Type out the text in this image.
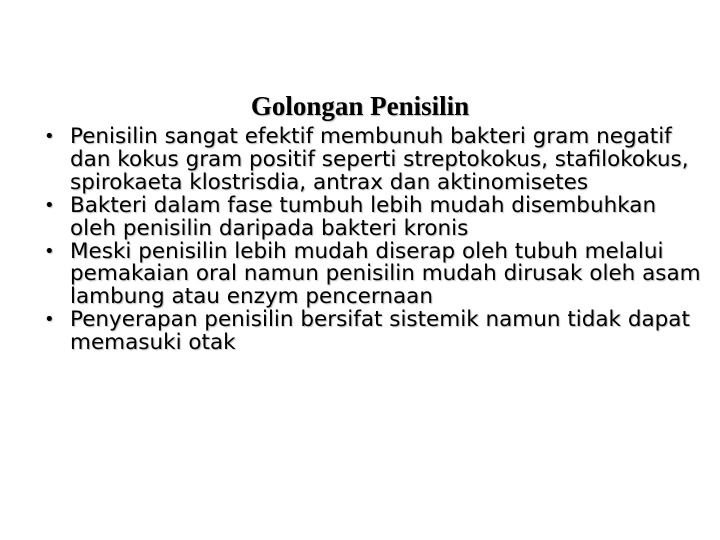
Golongan Penisilin
• Penisilin sangat efektif membunuh bakteri gram negatif dan kokus gram positif seperti streptokokus, stafilokokus, spirokaeta klostrisdia, antrax dan aktinomisetes
• Bakteri dalam fase tumbuh lebih mudah disembuhkan oleh penisilin daripada bakteri kronis
• Meski penisilin lebih mudah diserap oleh tubuh melalui pemakaian oral namun penisilin mudah dirusak oleh asam lambung atau enzym pencernaan
• Penyerapan penisilin bersifat sistemik namun tidak dapat memasuki otak
